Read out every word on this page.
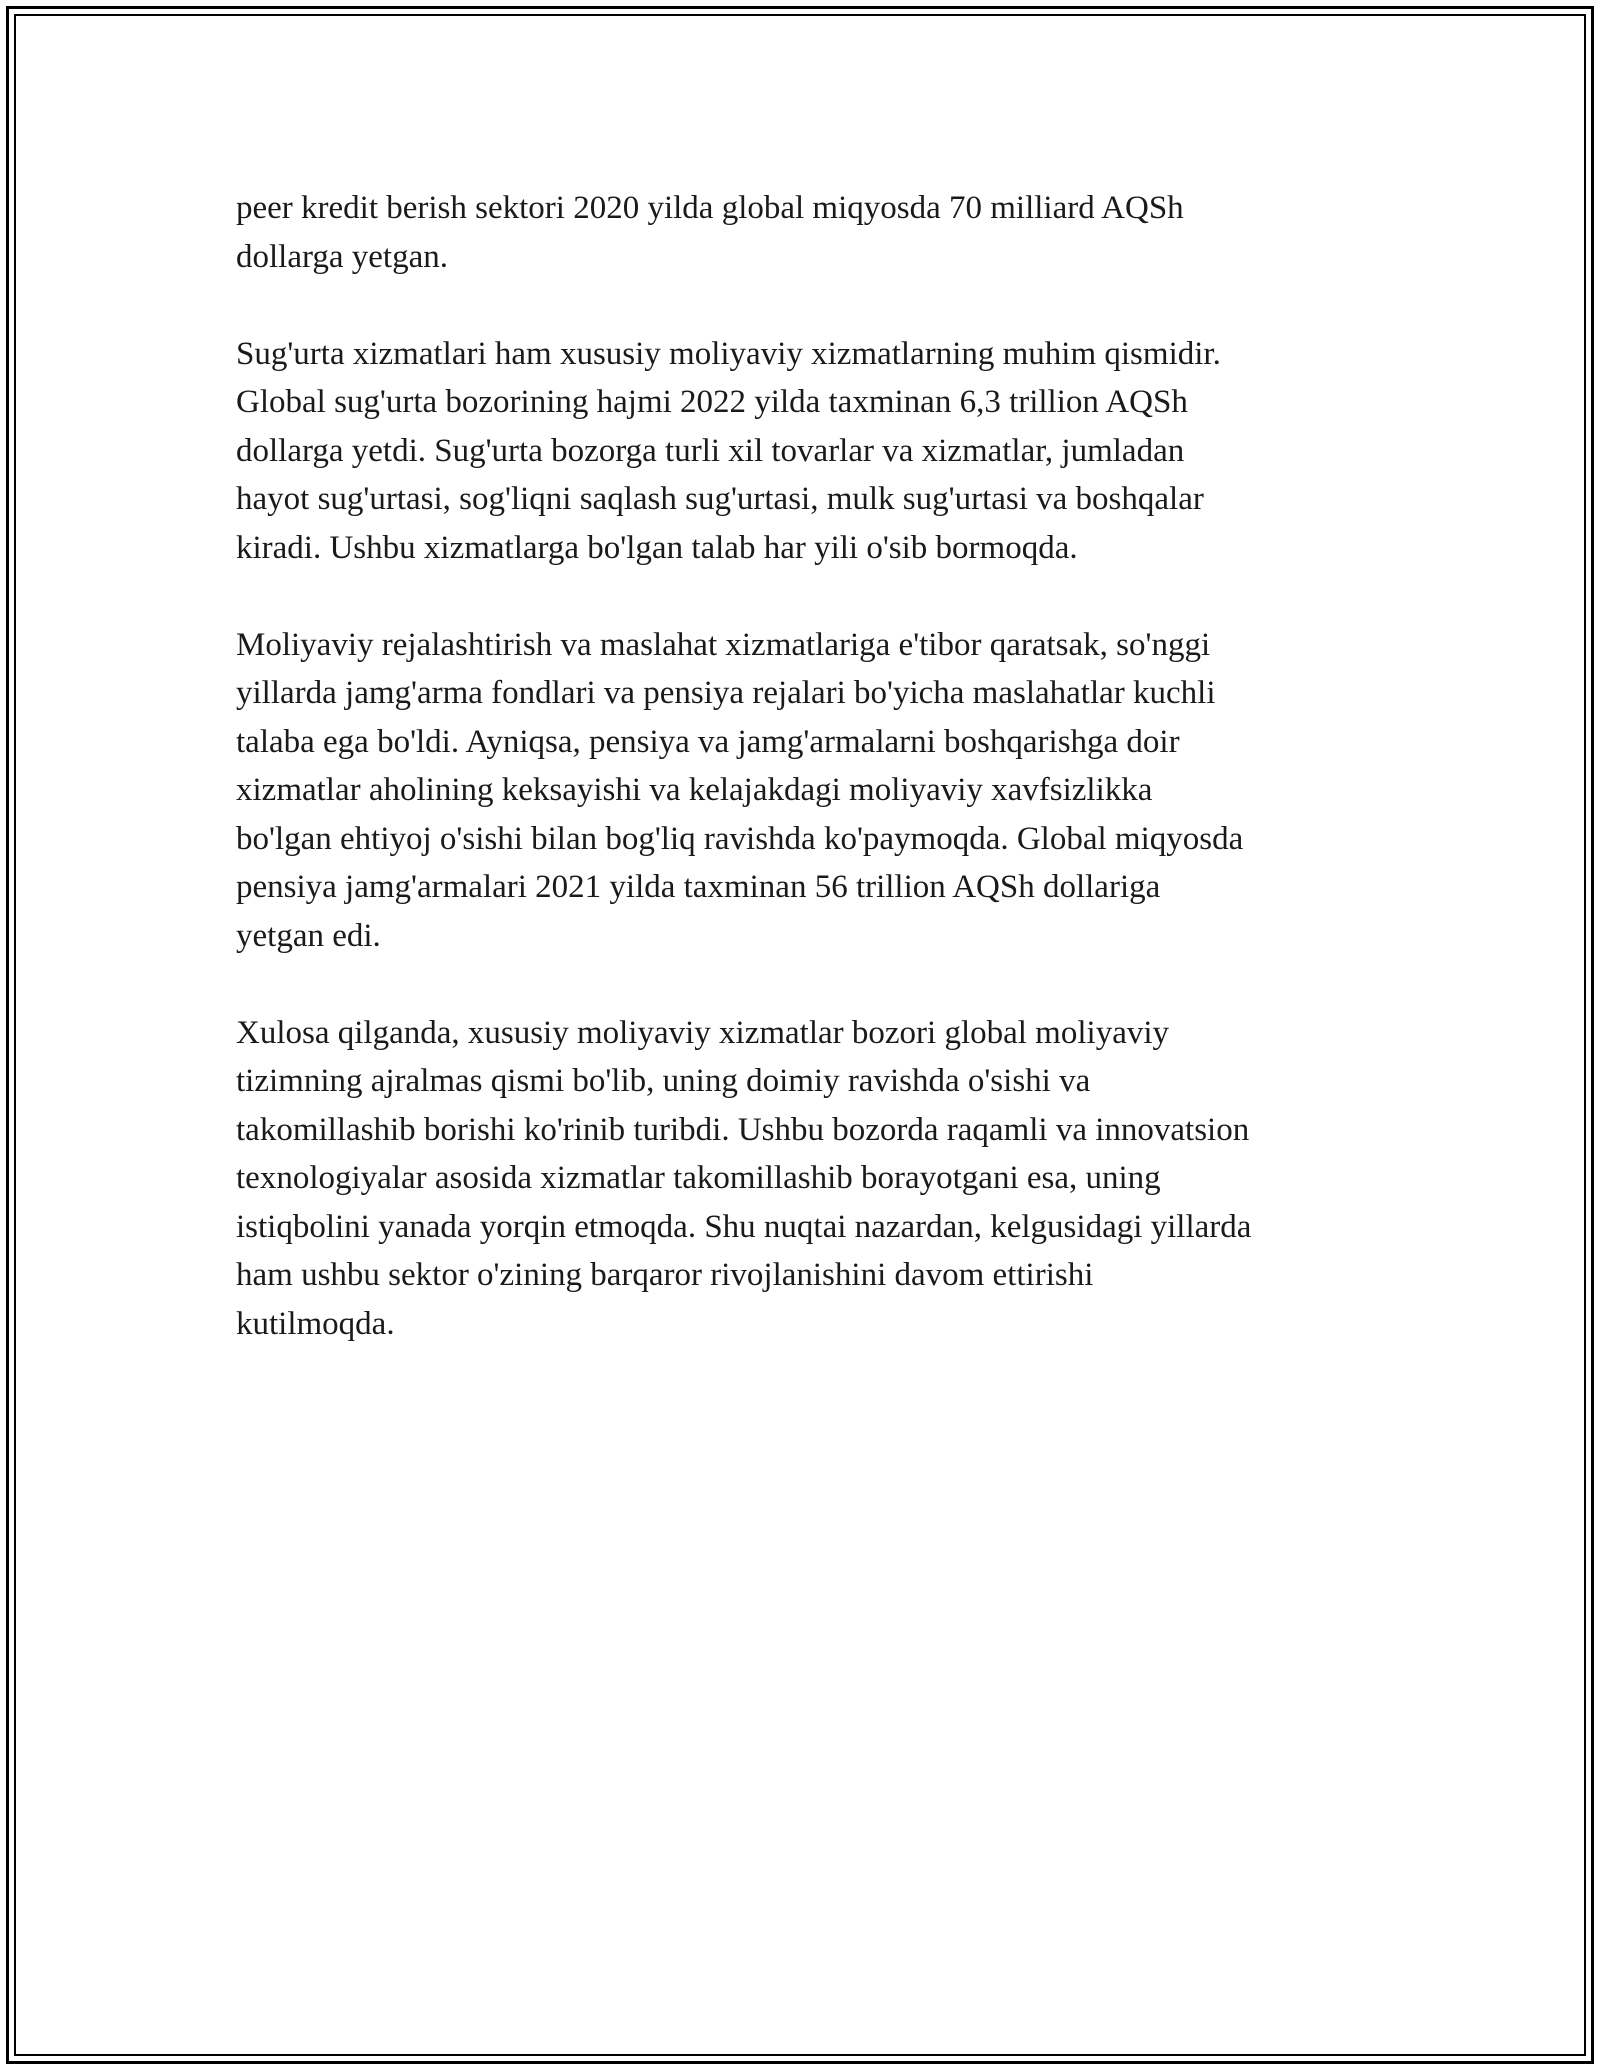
peer kredit berish sektori 2020 yilda global miqyosda 70 milliard AQSh
dollarga yetgan.

Sug'urta xizmatlari ham xususiy moliyaviy xizmatlarning muhim qismidir.
Global sug'urta bozorining hajmi 2022 yilda taxminan 6,3 trillion AQSh
dollarga yetdi. Sug'urta bozorga turli xil tovarlar va xizmatlar, jumladan
hayot sug'urtasi, sog'liqni saqlash sug'urtasi, mulk sug'urtasi va boshqalar
kiradi. Ushbu xizmatlarga bo'lgan talab har yili o'sib bormoqda.

Moliyaviy rejalashtirish va maslahat xizmatlariga e'tibor qaratsak, so'nggi
yillarda jamg'arma fondlari va pensiya rejalari bo'yicha maslahatlar kuchli
talaba ega bo'ldi. Ayniqsa, pensiya va jamg'armalarni boshqarishga doir
xizmatlar aholining keksayishi va kelajakdagi moliyaviy xavfsizlikka
bo'lgan ehtiyoj o'sishi bilan bog'liq ravishda ko'paymoqda. Global miqyosda
pensiya jamg'armalari 2021 yilda taxminan 56 trillion AQSh dollariga
yetgan edi.

Xulosa qilganda, xususiy moliyaviy xizmatlar bozori global moliyaviy
tizimning ajralmas qismi bo'lib, uning doimiy ravishda o'sishi va
takomillashib borishi ko'rinib turibdi. Ushbu bozorda raqamli va innovatsion
texnologiyalar asosida xizmatlar takomillashib borayotgani esa, uning
istiqbolini yanada yorqin etmoqda. Shu nuqtai nazardan, kelgusidagi yillarda
ham ushbu sektor o'zining barqaror rivojlanishini davom ettirishi
kutilmoqda.
